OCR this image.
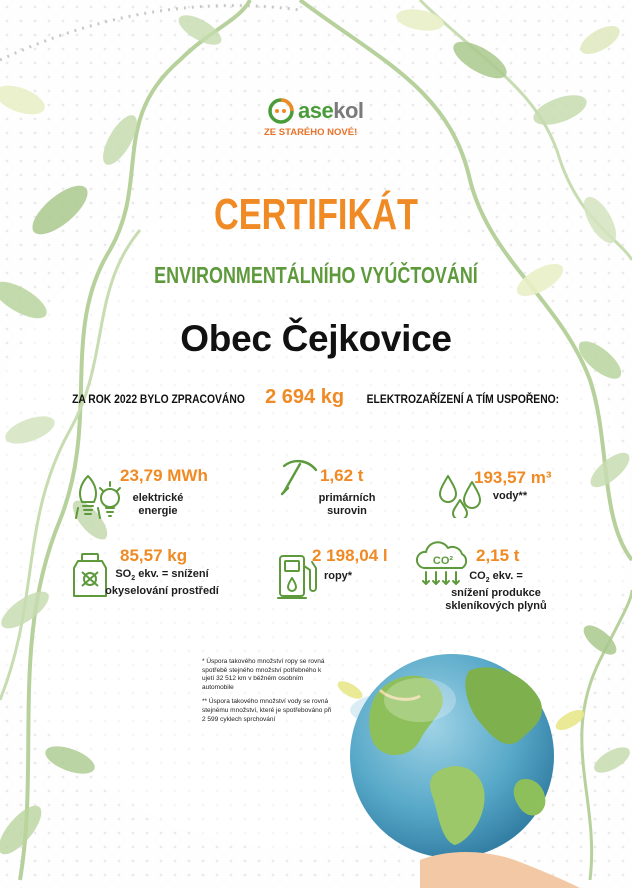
asekol
ZE STARÉHO NOVÉ!
CERTIFIKÁT
ENVIRONMENTÁLNÍHO VYÚČTOVÁNÍ
Obec Čejkovice
ZA ROK 2022 BYLO ZPRACOVÁNO 2 694 kg ELEKTROZAŘÍZENÍ A TÍM USPOŘENO:
23,79 MWh
elektrické
energie
1,62 t
primárních
surovin
193,57 m³
vody**
85,57 kg
$SO_2$ ekv. = snížení
okyselování prostředí
2 198,04 l
ropy*
CO² 2,15 t
$CO_2$ ekv. =
snížení produkce
skleníkových plynů

* Úspora takového množství ropy se rovná spotřebě stejného množství potřebného k ujetí 32 512 km v běžném osobním automobile

** Úspora takového množství vody se rovná stejnému množství, které je spotřebováno při 2 599 cyklech sprchování
